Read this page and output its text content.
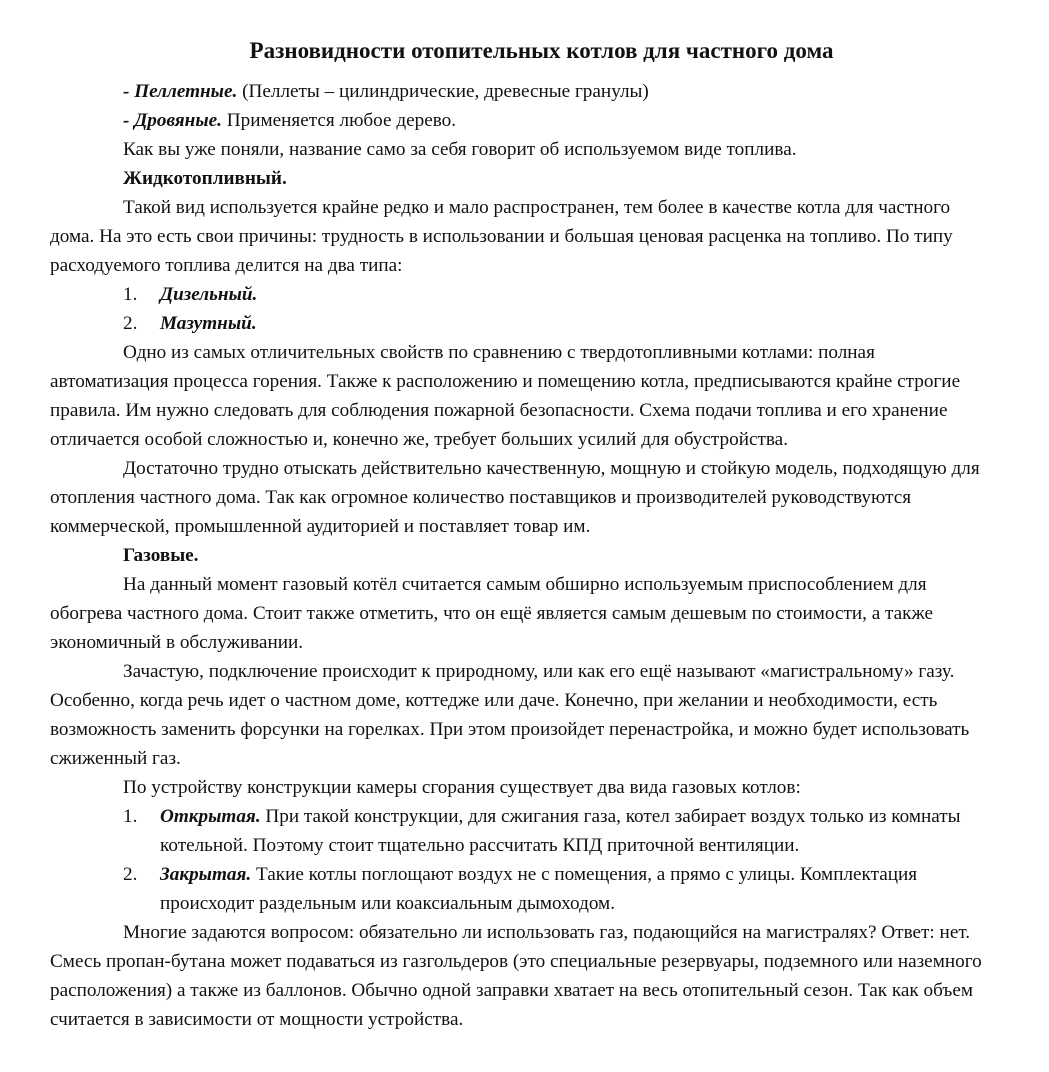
Разновидности отопительных котлов для частного дома
- Пеллетные. (Пеллеты – цилиндрические, древесные гранулы)
- Дровяные. Применяется любое дерево.

Как вы уже поняли, название само за себя говорит об используемом виде топлива.

Жидкотопливный.

Такой вид используется крайне редко и мало распространен, тем более в качестве котла для частного дома. На это есть свои причины: трудность в использовании и большая ценовая расценка на топливо. По типу расходуемого топлива делится на два типа:

1.	Дизельный.
2.	Мазутный.

Одно из самых отличительных свойств по сравнению с твердотопливными котлами: полная автоматизация процесса горения. Также к расположению и помещению котла, предписываются крайне строгие правила. Им нужно следовать для соблюдения пожарной безопасности. Схема подачи топлива и его хранение отличается особой сложностью и, конечно же, требует больших усилий для обустройства.

Достаточно трудно отыскать действительно качественную, мощную и стойкую модель, подходящую для отопления частного дома. Так как огромное количество поставщиков и производителей руководствуются коммерческой, промышленной аудиторией и поставляет товар им.

Газовые.

На данный момент газовый котёл считается самым обширно используемым приспособлением для обогрева частного дома. Стоит также отметить, что он ещё является самым дешевым по стоимости, а также экономичный в обслуживании.

Зачастую, подключение происходит к природному, или как его ещё называют «магистральному» газу. Особенно, когда речь идет о частном доме, коттедже или даче. Конечно, при желании и необходимости, есть возможность заменить форсунки на горелках. При этом произойдет перенастройка, и можно будет использовать сжиженный газ.

По устройству конструкции камеры сгорания существует два вида газовых котлов:

1.	Открытая. При такой конструкции, для сжигания газа, котел забирает воздух только из комнаты котельной. Поэтому стоит тщательно рассчитать КПД приточной вентиляции.
2.	Закрытая. Такие котлы поглощают воздух не с помещения, а прямо с улицы. Комплектация происходит раздельным или коаксиальным дымоходом.

Многие задаются вопросом: обязательно ли использовать газ, подающийся на магистралях? Ответ: нет. Смесь пропан-бутана может подаваться из газгольдеров (это специальные резервуары, подземного или наземного расположения) а также из баллонов. Обычно одной заправки хватает на весь отопительный сезон. Так как объем считается в зависимости от мощности устройства.
